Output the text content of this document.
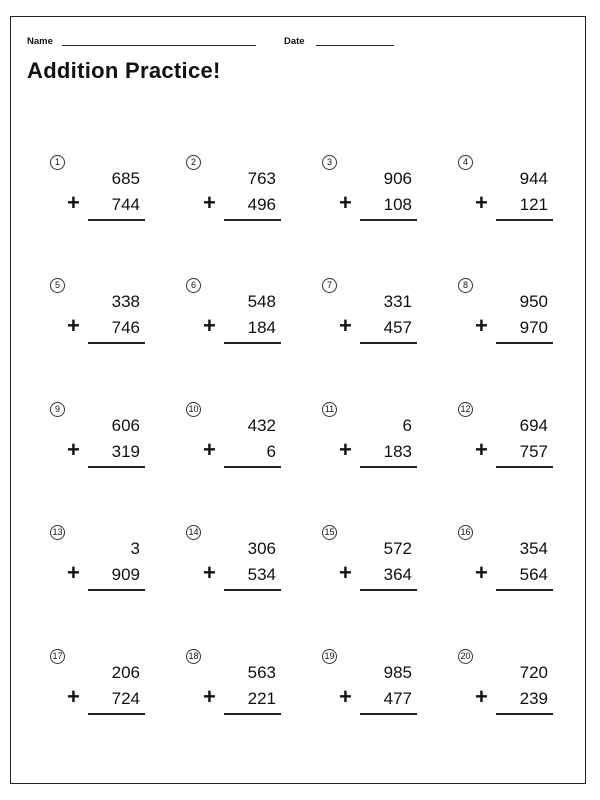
Name	Date
Addition Practice!
1
685
+ 744
2
763
+ 496
3
906
+ 108
4
944
+ 121
5
338
+ 746
6
548
+ 184
7
331
+ 457
8
950
+ 970
9
606
+ 319
10
432
+	6
11
6
+ 183
12
694
+ 757
13
3
+ 909
14
306
+ 534
15
572
+ 364
16
354
+ 564
17
206
+ 724
18
563
+ 221
19
985
+ 477
20
720
+ 239
